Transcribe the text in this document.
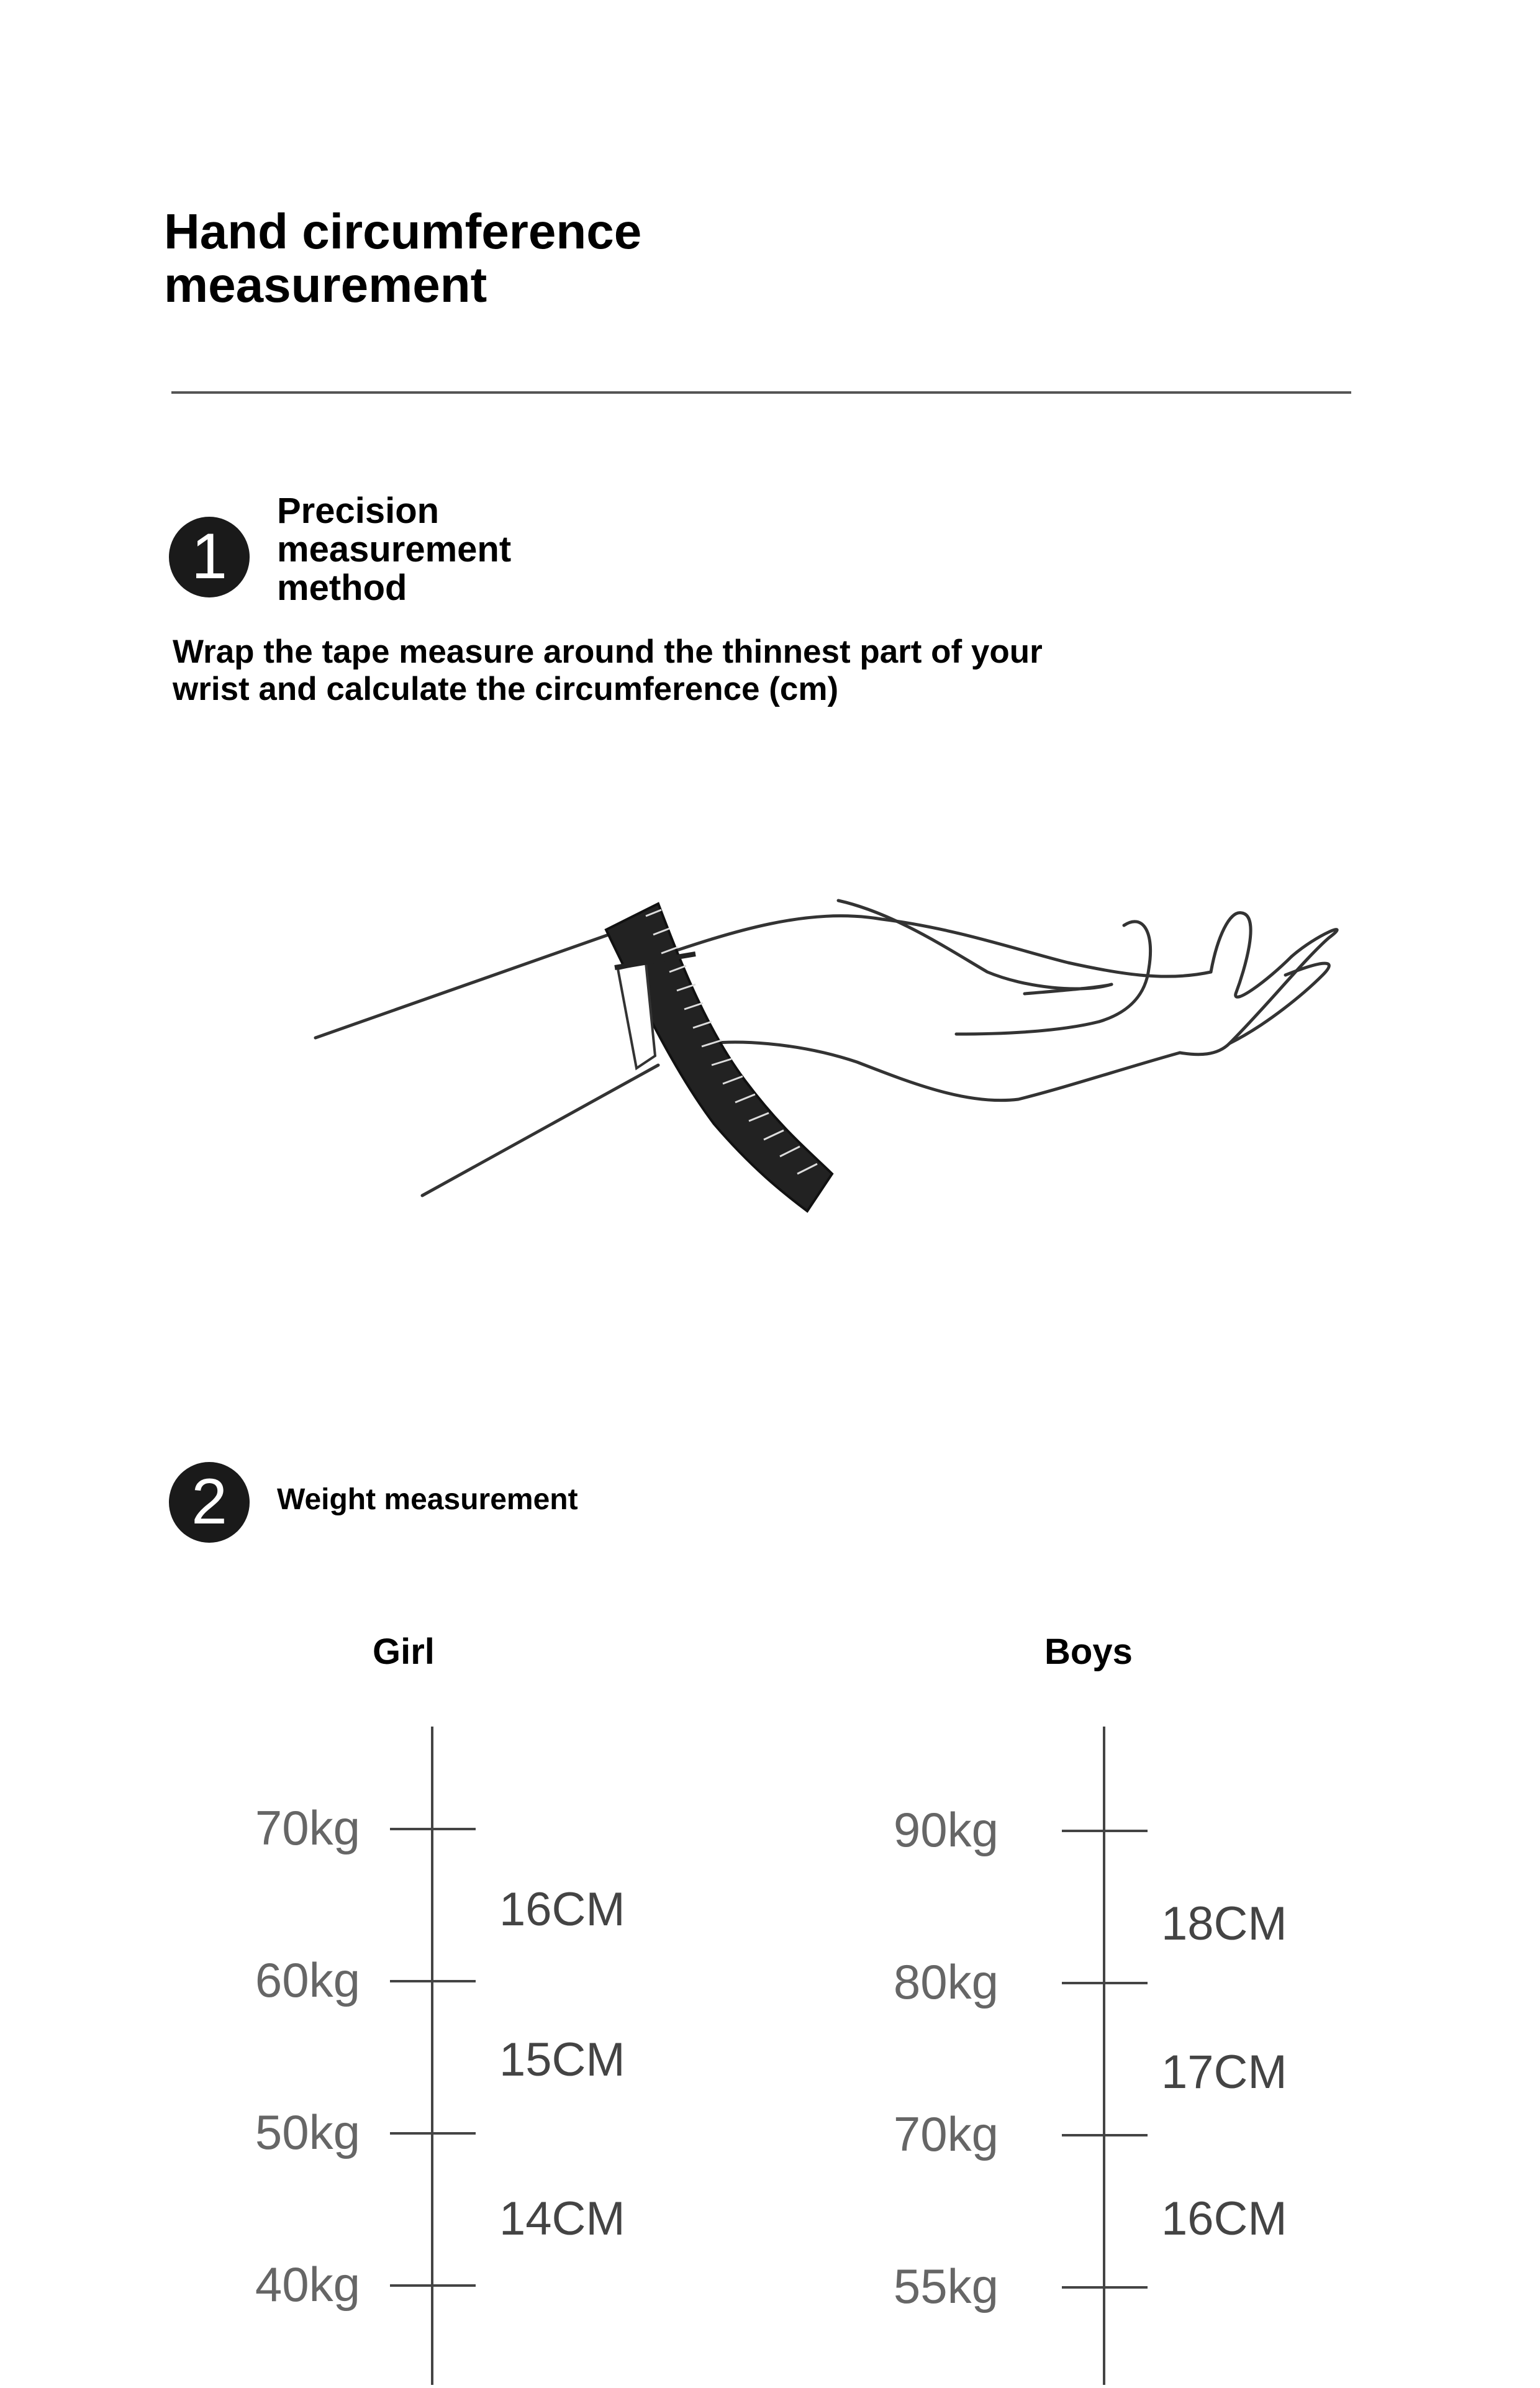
Hand circumference
measurement
1
Precision
measurement
method
Wrap the tape measure around the thinnest part of your
wrist and calculate the circumference (cm)
2	Weight measurement
Girl	Boys
70kg
60kg
50kg
40kg
16CM
15CM
14CM
90kg
80kg
70kg
55kg
18CM
17CM
16CM
